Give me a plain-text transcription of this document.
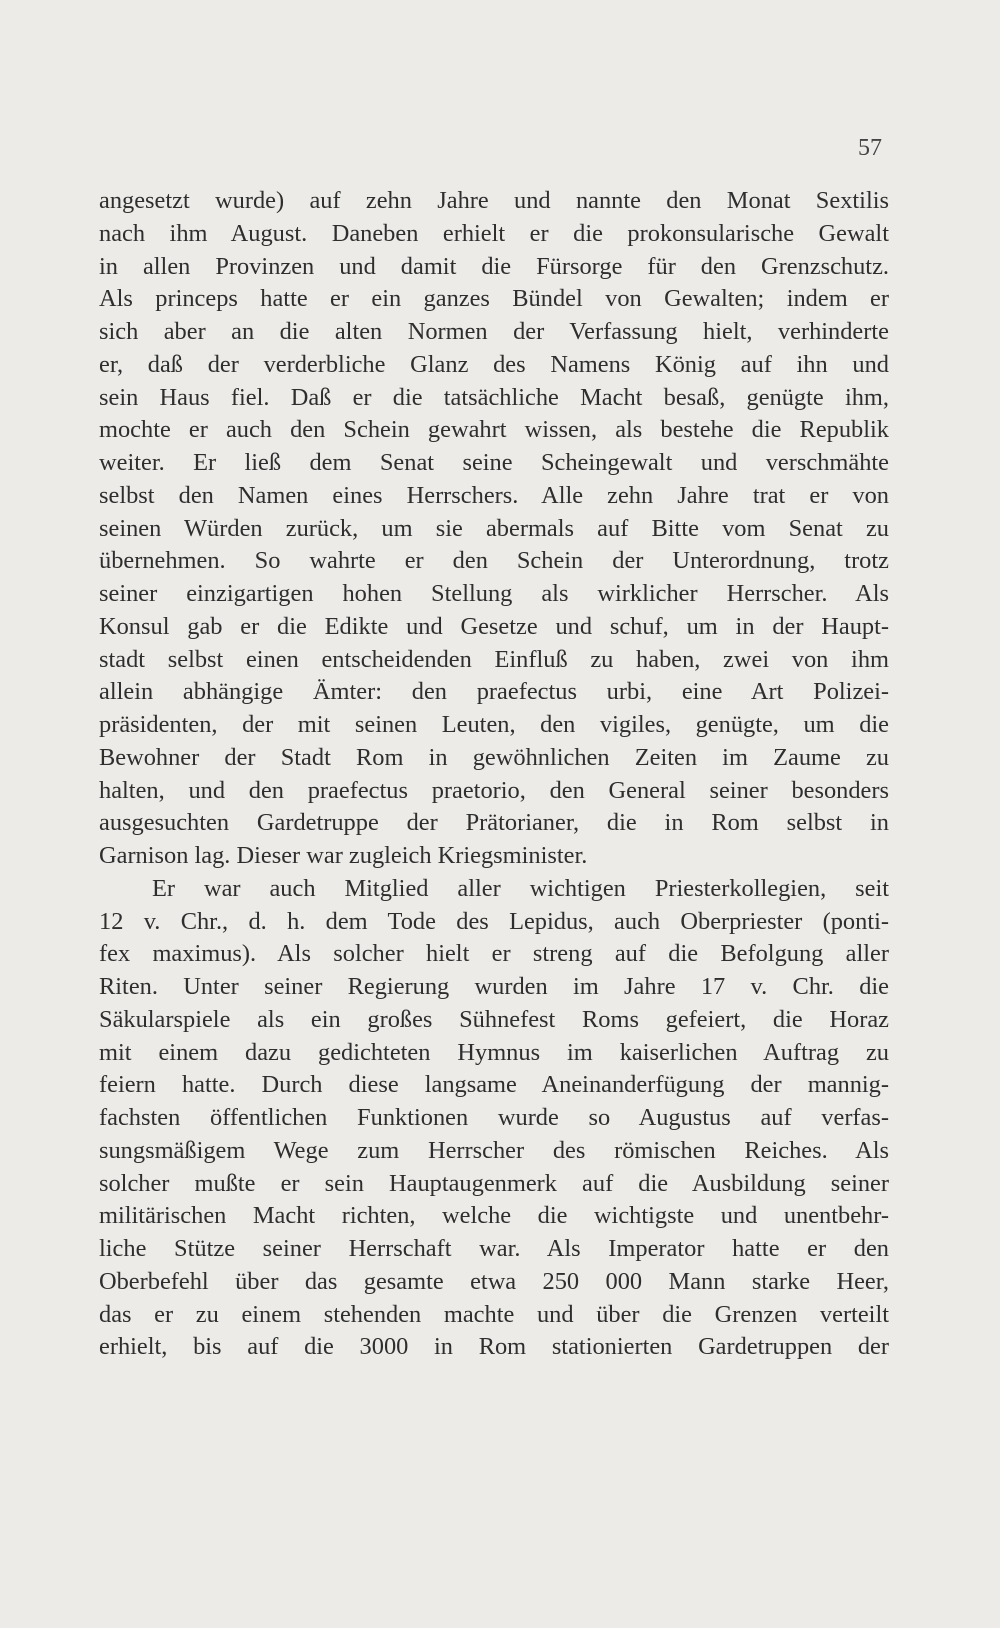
57
angesetzt wurde) auf zehn Jahre und nannte den Monat Sextilis
nach ihm August. Daneben erhielt er die prokonsularische Gewalt
in allen Provinzen und damit die Fürsorge für den Grenzschutz.
Als princeps hatte er ein ganzes Bündel von Gewalten; indem er
sich aber an die alten Normen der Verfassung hielt, verhinderte
er, daß der verderbliche Glanz des Namens König auf ihn und
sein Haus fiel. Daß er die tatsächliche Macht besaß, genügte ihm,
mochte er auch den Schein gewahrt wissen, als bestehe die Republik
weiter. Er ließ dem Senat seine Scheingewalt und verschmähte
selbst den Namen eines Herrschers. Alle zehn Jahre trat er von
seinen Würden zurück, um sie abermals auf Bitte vom Senat zu
übernehmen. So wahrte er den Schein der Unterordnung, trotz
seiner einzigartigen hohen Stellung als wirklicher Herrscher. Als
Konsul gab er die Edikte und Gesetze und schuf, um in der Haupt-
stadt selbst einen entscheidenden Einfluß zu haben, zwei von ihm
allein abhängige Ämter: den praefectus urbi, eine Art Polizei-
präsidenten, der mit seinen Leuten, den vigiles, genügte, um die
Bewohner der Stadt Rom in gewöhnlichen Zeiten im Zaume zu
halten, und den praefectus praetorio, den General seiner besonders
ausgesuchten Gardetruppe der Prätorianer, die in Rom selbst in
Garnison lag. Dieser war zugleich Kriegsminister.
Er war auch Mitglied aller wichtigen Priesterkollegien, seit
12 v. Chr., d. h. dem Tode des Lepidus, auch Oberpriester (ponti-
fex maximus). Als solcher hielt er streng auf die Befolgung aller
Riten. Unter seiner Regierung wurden im Jahre 17 v. Chr. die
Säkularspiele als ein großes Sühnefest Roms gefeiert, die Horaz
mit einem dazu gedichteten Hymnus im kaiserlichen Auftrag zu
feiern hatte. Durch diese langsame Aneinanderfügung der mannig-
fachsten öffentlichen Funktionen wurde so Augustus auf verfas-
sungsmäßigem Wege zum Herrscher des römischen Reiches. Als
solcher mußte er sein Hauptaugenmerk auf die Ausbildung seiner
militärischen Macht richten, welche die wichtigste und unentbehr-
liche Stütze seiner Herrschaft war. Als Imperator hatte er den
Oberbefehl über das gesamte etwa 250 000 Mann starke Heer,
das er zu einem stehenden machte und über die Grenzen verteilt
erhielt, bis auf die 3000 in Rom stationierten Gardetruppen der
